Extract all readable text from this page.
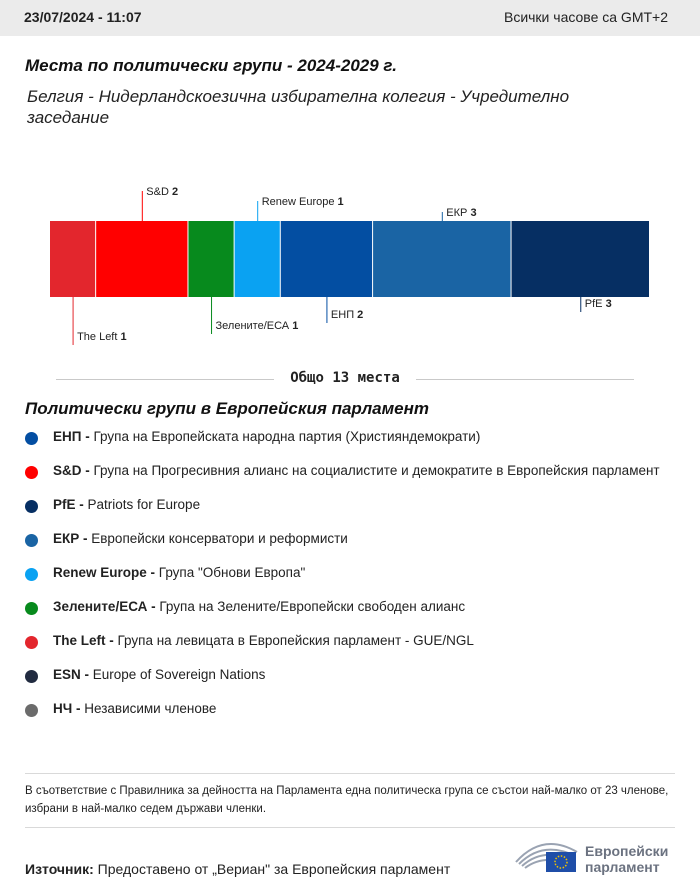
23/07/2024 - 11:07	Всички часове са GMT+2
Места по политически групи - 2024-2029 г.
Белгия - Нидерландскоезична избирателна колегия - Учредително заседание
The Left 1
S&D 2
Зелените/ЕСА 1
Renew Europe 1
ЕНП 2
ЕКР 3
PfE 3
Общо 13 места
Политически групи в Европейския парламент
ЕНП - Група на Европейската народна партия (Християндемократи)
S&D - Група на Прогресивния алианс на социалистите и демократите в Европейския парламент
PfE - Patriots for Europe
ЕКР - Европейски консерватори и реформисти
Renew Europe - Група "Обнови Европа"
Зелените/ЕСА - Група на Зелените/Европейски свободен алианс
The Left - Група на левицата в Европейския парламент - GUE/NGL
ESN - Europe of Sovereign Nations
НЧ - Независими членове
В съответствие с Правилника за дейността на Парламента една политическа група се състои най-малко от 23 членове, избрани в най-малко седем държави членки.
Източник: Предоставено от „Вериан" за Европейския парламент
Европейски
парламент
